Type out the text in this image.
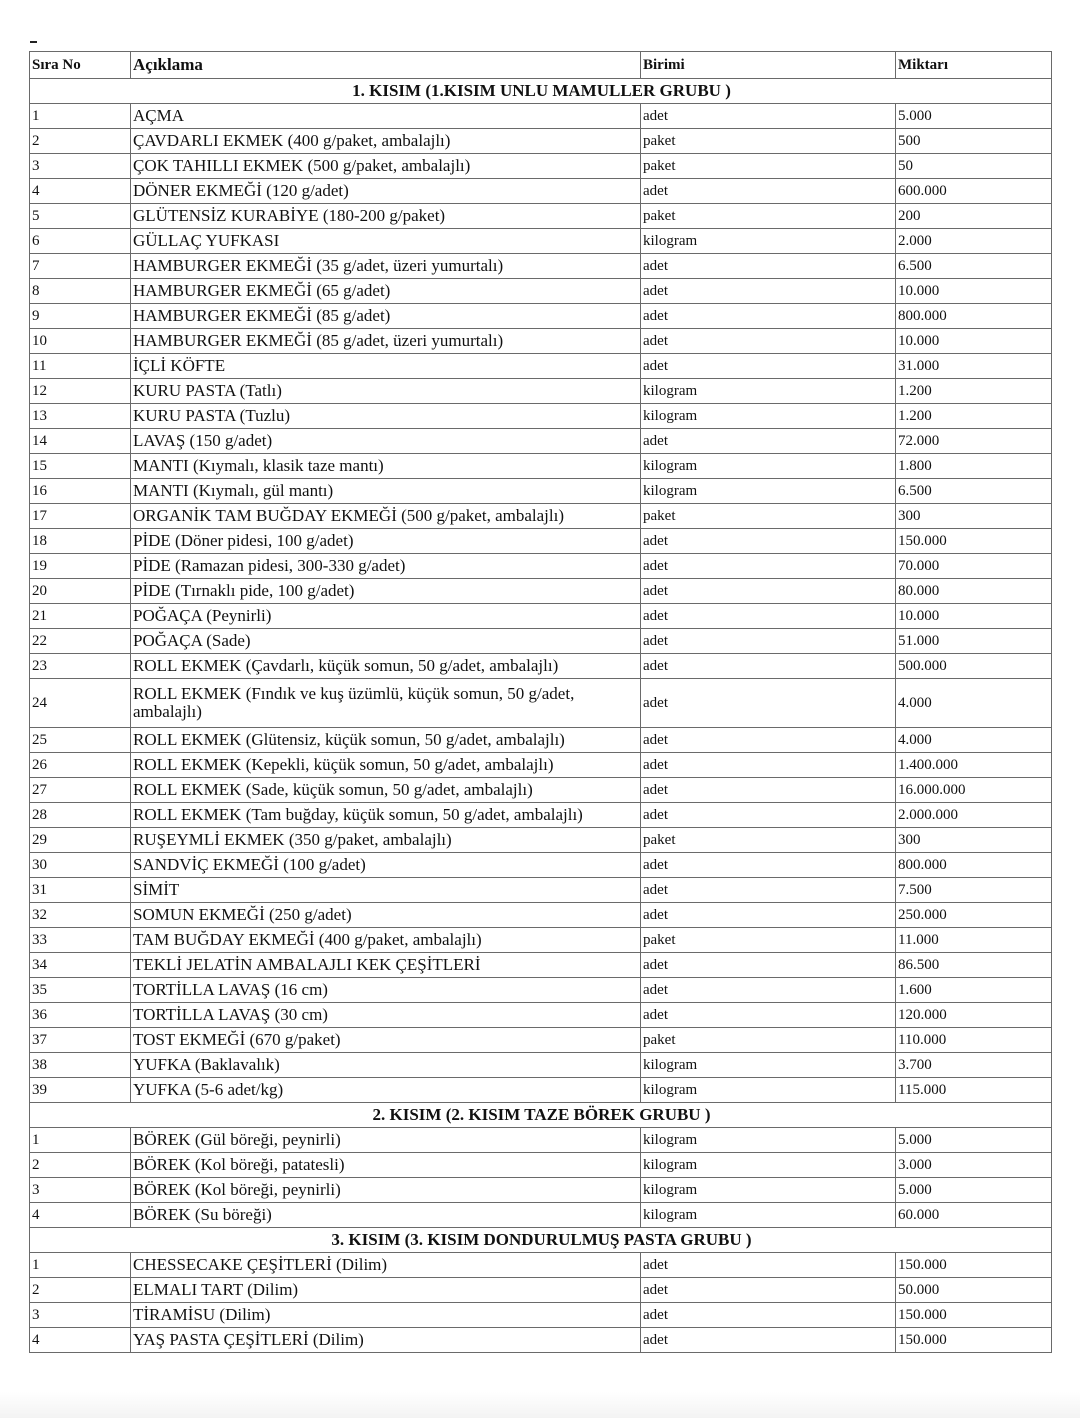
Sıra No	Açıklama	Birimi	Miktarı
1. KISIM (1.KISIM UNLU MAMULLER GRUBU )			
1	AÇMA	adet	5.000
2	ÇAVDARLI EKMEK (400 g/paket, ambalajlı)	paket	500
3	ÇOK TAHILLI EKMEK (500 g/paket, ambalajlı)	paket	50
4	DÖNER EKMEĞİ (120 g/adet)	adet	600.000
5	GLÜTENSİZ KURABİYE (180-200 g/paket)	paket	200
6	GÜLLAÇ YUFKASI	kilogram	2.000
7	HAMBURGER EKMEĞİ (35 g/adet, üzeri yumurtalı)	adet	6.500
8	HAMBURGER EKMEĞİ (65 g/adet)	adet	10.000
9	HAMBURGER EKMEĞİ (85 g/adet)	adet	800.000
10	HAMBURGER EKMEĞİ (85 g/adet, üzeri yumurtalı)	adet	10.000
11	İÇLİ KÖFTE	adet	31.000
12	KURU PASTA (Tatlı)	kilogram	1.200
13	KURU PASTA (Tuzlu)	kilogram	1.200
14	LAVAŞ (150 g/adet)	adet	72.000
15	MANTI (Kıymalı, klasik taze mantı)	kilogram	1.800
16	MANTI (Kıymalı, gül mantı)	kilogram	6.500
17	ORGANİK TAM BUĞDAY EKMEĞİ (500 g/paket, ambalajlı)	paket	300
18	PİDE (Döner pidesi, 100 g/adet)	adet	150.000
19	PİDE (Ramazan pidesi, 300-330 g/adet)	adet	70.000
20	PİDE (Tırnaklı pide, 100 g/adet)	adet	80.000
21	POĞAÇA (Peynirli)	adet	10.000
22	POĞAÇA (Sade)	adet	51.000
23	ROLL EKMEK (Çavdarlı, küçük somun, 50 g/adet, ambalajlı)	adet	500.000
24	ROLL EKMEK (Fındık ve kuş üzümlü, küçük somun, 50 g/adet, ambalajlı)	adet	4.000
25	ROLL EKMEK (Glütensiz, küçük somun, 50 g/adet, ambalajlı)	adet	4.000
26	ROLL EKMEK (Kepekli, küçük somun, 50 g/adet, ambalajlı)	adet	1.400.000
27	ROLL EKMEK (Sade, küçük somun, 50 g/adet, ambalajlı)	adet	16.000.000
28	ROLL EKMEK (Tam buğday, küçük somun, 50 g/adet, ambalajlı)	adet	2.000.000
29	RUŞEYMLİ EKMEK (350 g/paket, ambalajlı)	paket	300
30	SANDVİÇ EKMEĞİ (100 g/adet)	adet	800.000
31	SİMİT	adet	7.500
32	SOMUN EKMEĞİ (250 g/adet)	adet	250.000
33	TAM BUĞDAY EKMEĞİ (400 g/paket, ambalajlı)	paket	11.000
34	TEKLİ JELATİN AMBALAJLI KEK ÇEŞİTLERİ	adet	86.500
35	TORTİLLA LAVAŞ (16 cm)	adet	1.600
36	TORTİLLA LAVAŞ (30 cm)	adet	120.000
37	TOST EKMEĞİ (670 g/paket)	paket	110.000
38	YUFKA (Baklavalık)	kilogram	3.700
39	YUFKA (5-6 adet/kg)	kilogram	115.000
2. KISIM (2. KISIM TAZE BÖREK GRUBU )			
1	BÖREK (Gül böreği, peynirli)	kilogram	5.000
2	BÖREK (Kol böreği, patatesli)	kilogram	3.000
3	BÖREK (Kol böreği, peynirli)	kilogram	5.000
4	BÖREK (Su böreği)	kilogram	60.000
3. KISIM (3. KISIM DONDURULMUŞ PASTA GRUBU )			
1	CHESSECAKE ÇEŞİTLERİ (Dilim)	adet	150.000
2	ELMALI TART (Dilim)	adet	50.000
3	TİRAMİSU (Dilim)	adet	150.000
4	YAŞ PASTA ÇEŞİTLERİ (Dilim)	adet	150.000
